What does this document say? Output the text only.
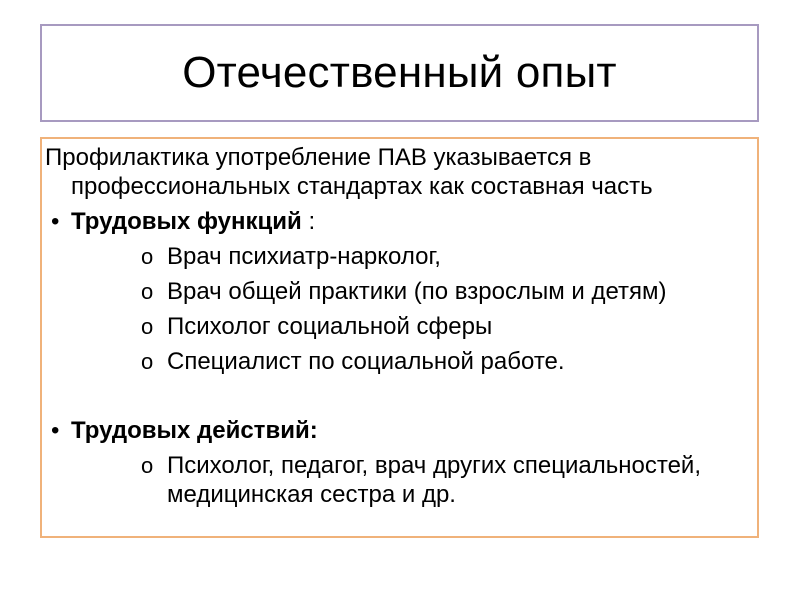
Отечественный опыт

Профилактика употребление ПАВ указывается в профессиональных стандартах как составная часть

• Трудовых функций :

o Врач психиатр-нарколог,

o Врач общей практики (по взрослым и детям)

o Психолог социальной сферы

o Специалист по социальной работе.

• Трудовых действий:

o Психолог, педагог, врач других специальностей, медицинская сестра и др.
